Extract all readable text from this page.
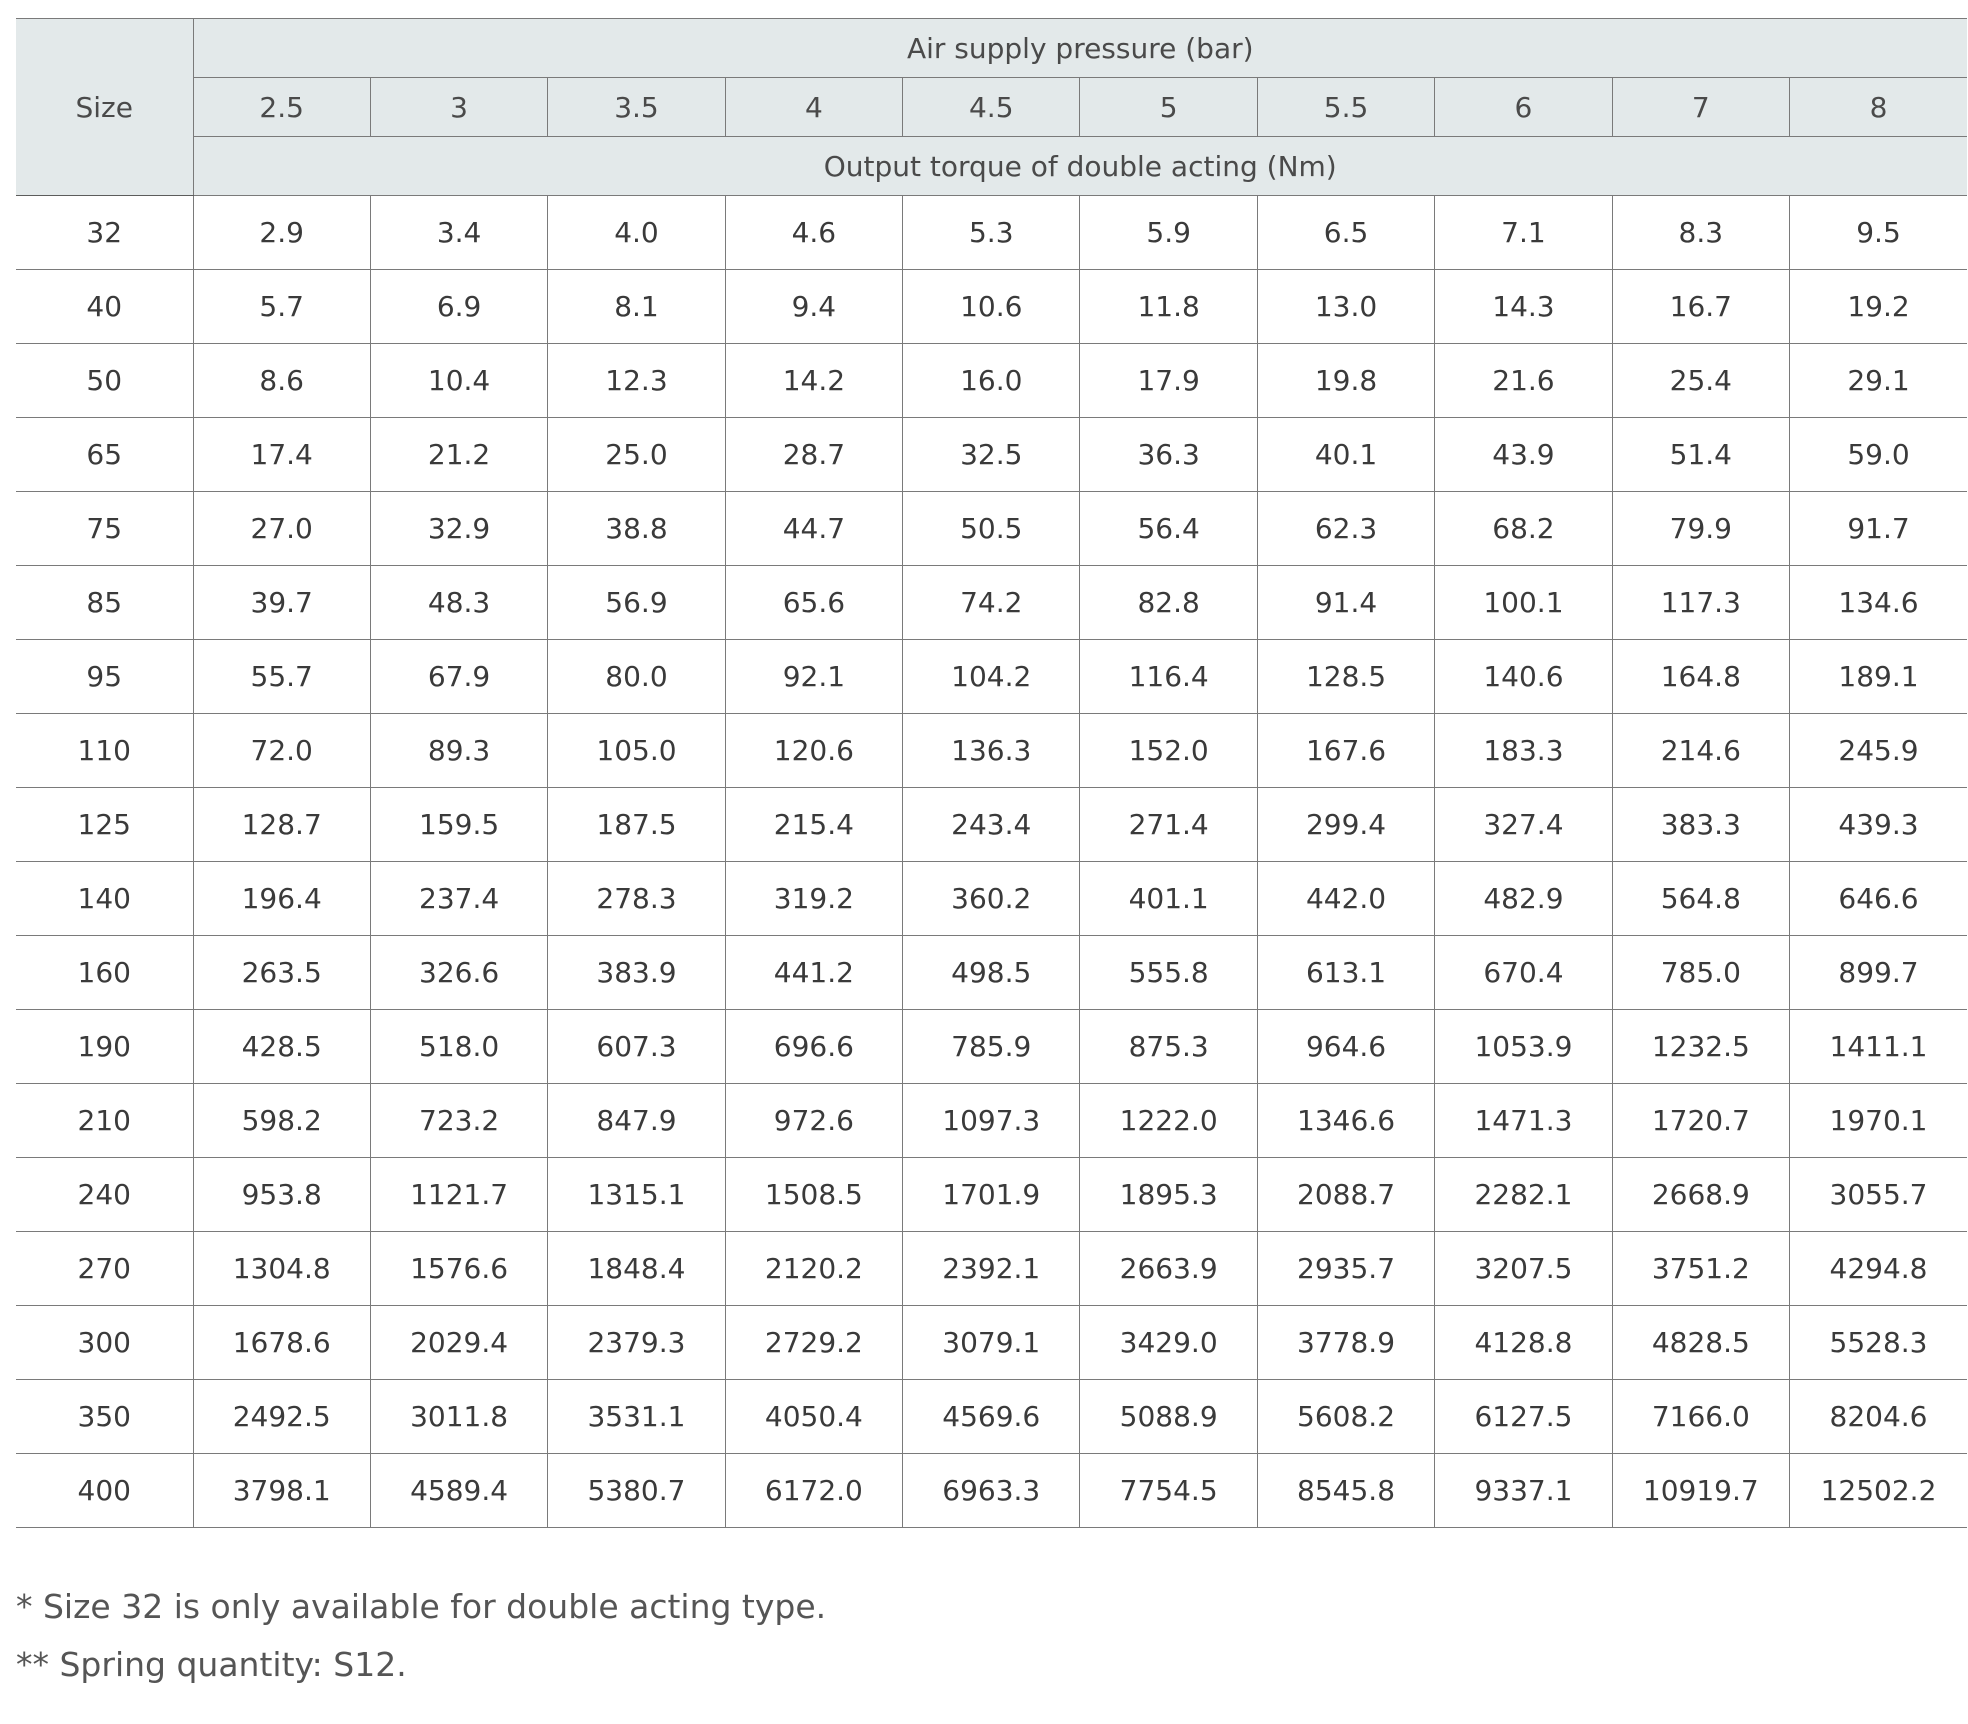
Size	Air supply pressure (bar)									
	2.5	3	3.5	4	4.5	5	5.5	6	7	8
	Output torque of double acting (Nm)									
32	2.9	3.4	4.0	4.6	5.3	5.9	6.5	7.1	8.3	9.5
40	5.7	6.9	8.1	9.4	10.6	11.8	13.0	14.3	16.7	19.2
50	8.6	10.4	12.3	14.2	16.0	17.9	19.8	21.6	25.4	29.1
65	17.4	21.2	25.0	28.7	32.5	36.3	40.1	43.9	51.4	59.0
75	27.0	32.9	38.8	44.7	50.5	56.4	62.3	68.2	79.9	91.7
85	39.7	48.3	56.9	65.6	74.2	82.8	91.4	100.1	117.3	134.6
95	55.7	67.9	80.0	92.1	104.2	116.4	128.5	140.6	164.8	189.1
110	72.0	89.3	105.0	120.6	136.3	152.0	167.6	183.3	214.6	245.9
125	128.7	159.5	187.5	215.4	243.4	271.4	299.4	327.4	383.3	439.3
140	196.4	237.4	278.3	319.2	360.2	401.1	442.0	482.9	564.8	646.6
160	263.5	326.6	383.9	441.2	498.5	555.8	613.1	670.4	785.0	899.7
190	428.5	518.0	607.3	696.6	785.9	875.3	964.6	1053.9	1232.5	1411.1
210	598.2	723.2	847.9	972.6	1097.3	1222.0	1346.6	1471.3	1720.7	1970.1
240	953.8	1121.7	1315.1	1508.5	1701.9	1895.3	2088.7	2282.1	2668.9	3055.7
270	1304.8	1576.6	1848.4	2120.2	2392.1	2663.9	2935.7	3207.5	3751.2	4294.8
300	1678.6	2029.4	2379.3	2729.2	3079.1	3429.0	3778.9	4128.8	4828.5	5528.3
350	2492.5	3011.8	3531.1	4050.4	4569.6	5088.9	5608.2	6127.5	7166.0	8204.6
400	3798.1	4589.4	5380.7	6172.0	6963.3	7754.5	8545.8	9337.1	10919.7	12502.2

* Size 32 is only available for double acting type.

** Spring quantity: S12.
